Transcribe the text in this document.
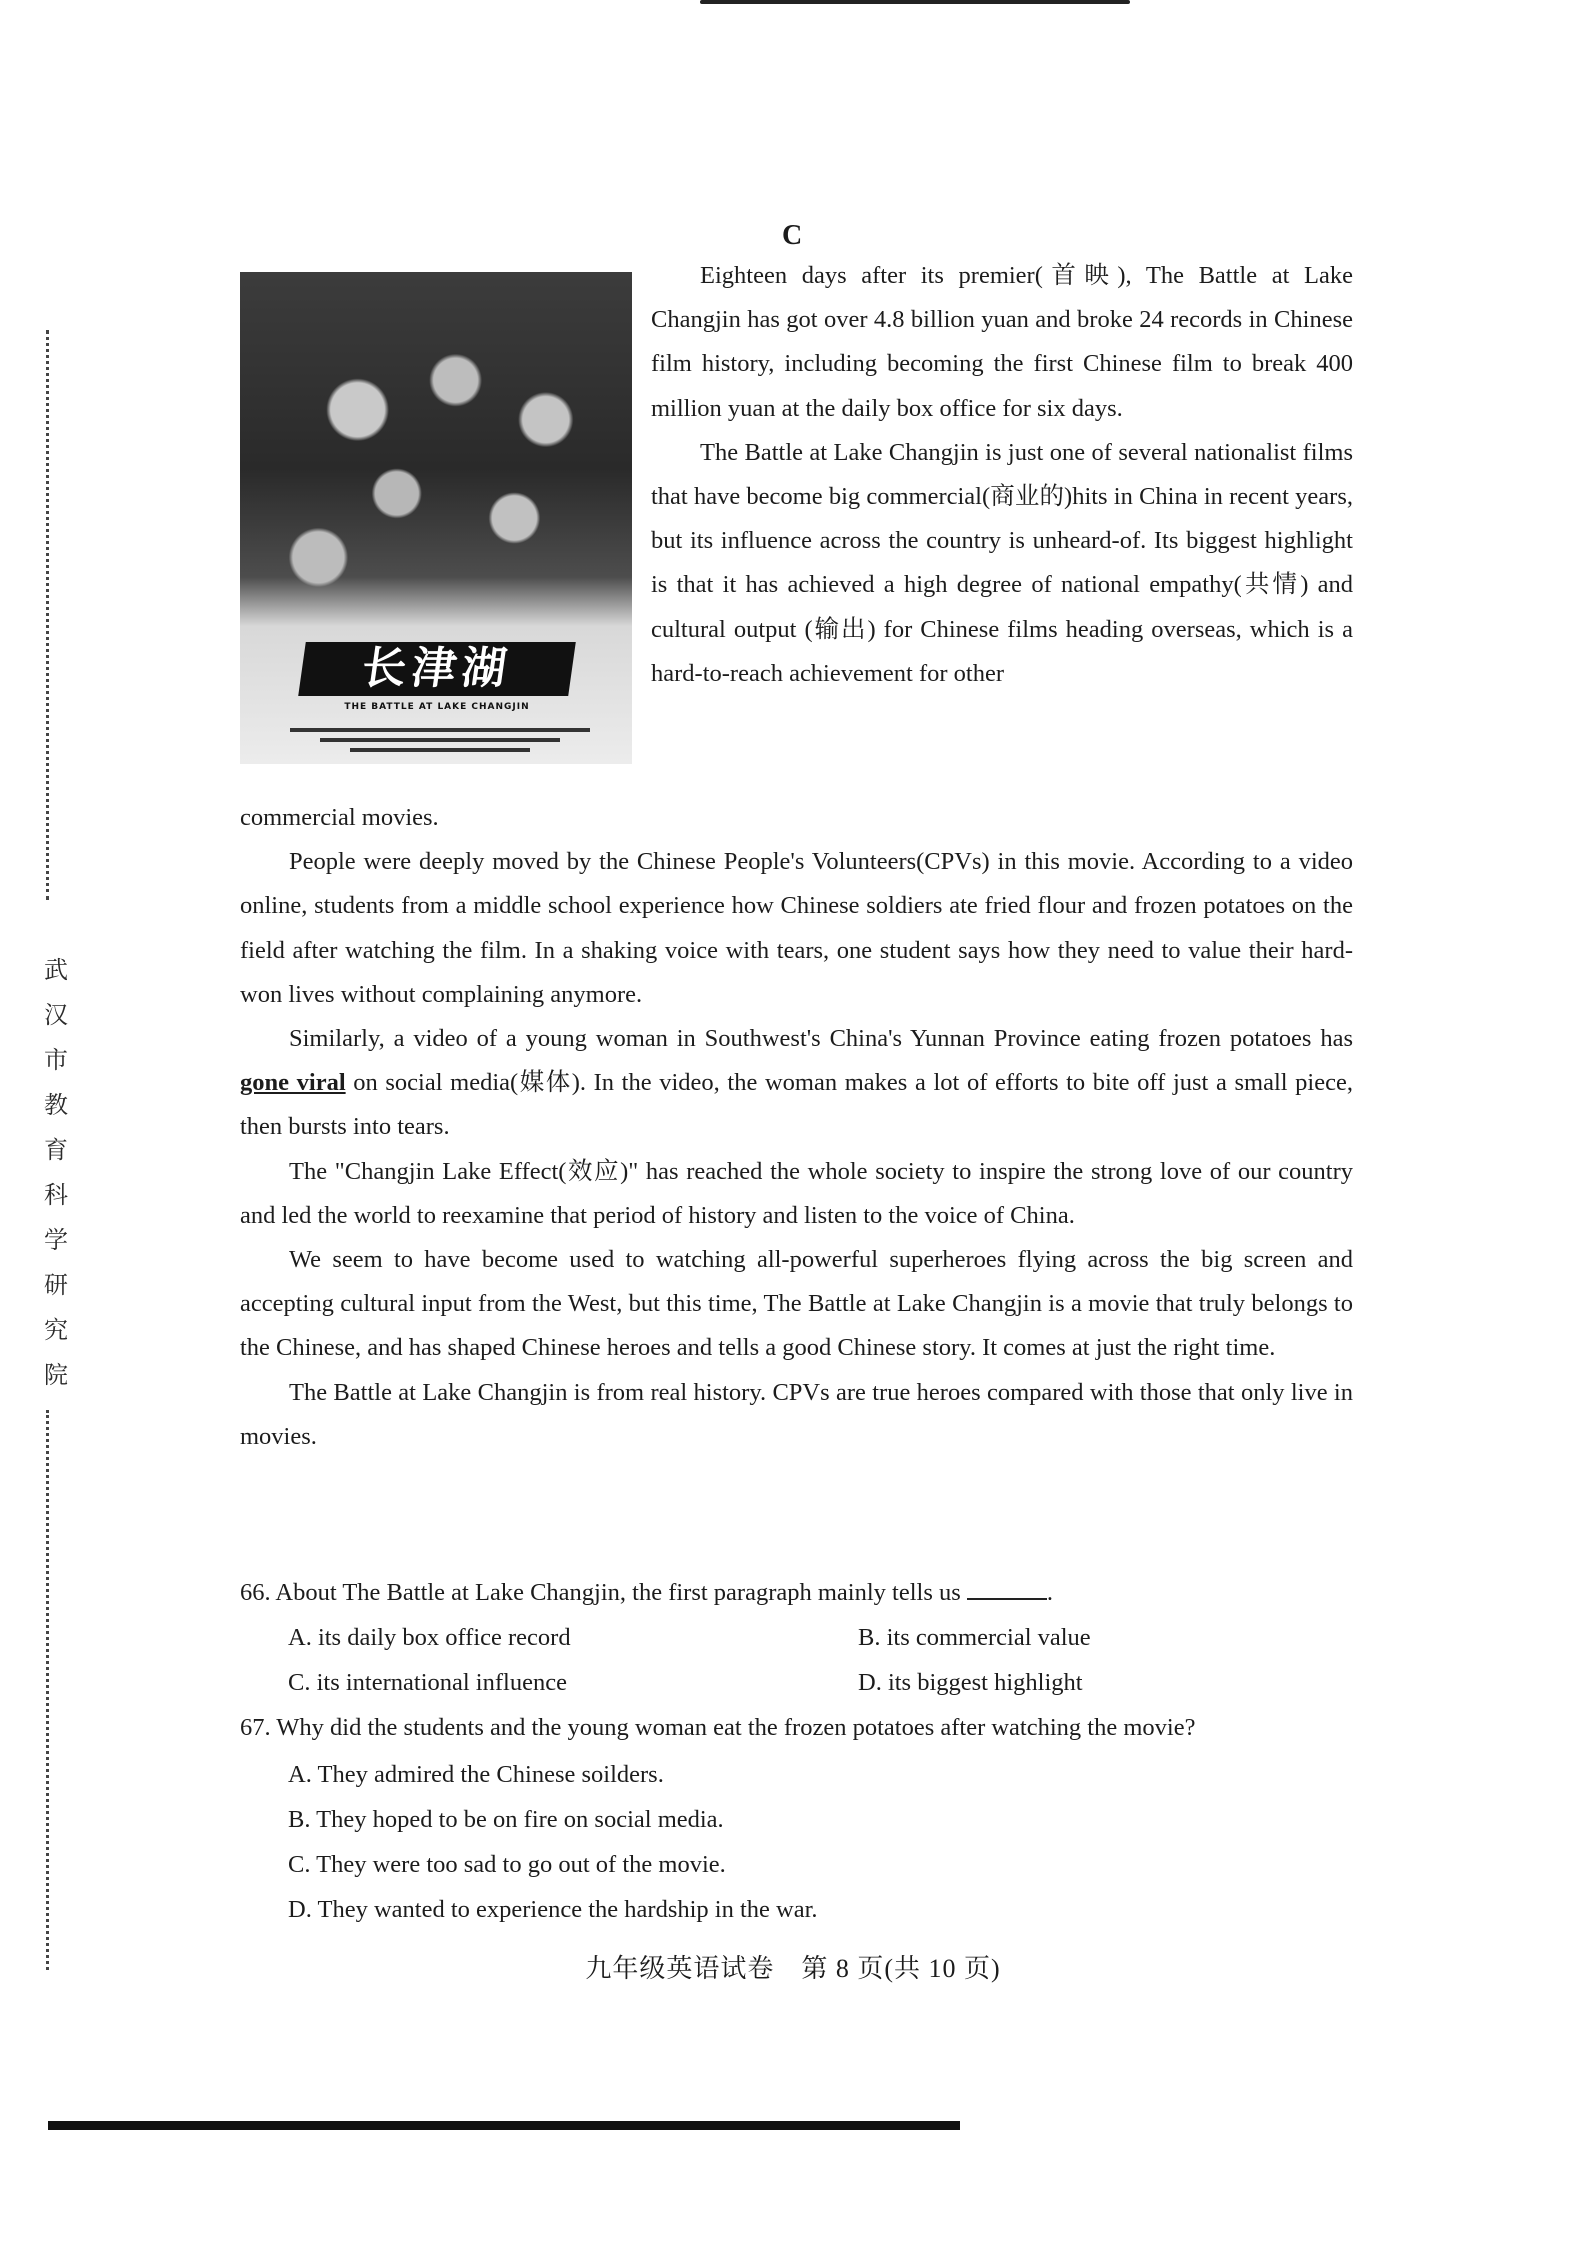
武
汉
市
教
育
科
学
研
究
院
C
长津湖
THE BATTLE AT LAKE CHANGJIN

Eighteen days after its premier(首映), The Battle at Lake Changjin has got over 4.8 billion yuan and broke 24 records in Chinese film history, including becoming the first Chinese film to break 400 million yuan at the daily box office for six days.

The Battle at Lake Changjin is just one of several nationalist films that have become big commercial(商业的)hits in China in recent years, but its influence across the country is unheard-of. Its biggest highlight is that it has achieved a high degree of national empathy(共情) and cultural output (输出) for Chinese films heading overseas, which is a hard-to-reach achievement for other

commercial movies.

People were deeply moved by the Chinese People's Volunteers(CPVs) in this movie. According to a video online, students from a middle school experience how Chinese soldiers ate fried flour and frozen potatoes on the field after watching the film. In a shaking voice with tears, one student says how they need to value their hard- won lives without complaining anymore.

Similarly, a video of a young woman in Southwest's China's Yunnan Province eating frozen potatoes has gone viral on social media(媒体). In the video, the woman makes a lot of efforts to bite off just a small piece, then bursts into tears.

The "Changjin Lake Effect(效应)" has reached the whole society to inspire the strong love of our country and led the world to reexamine that period of history and listen to the voice of China.

We seem to have become used to watching all-powerful superheroes flying across the big screen and accepting cultural input from the West, but this time, The Battle at Lake Changjin is a movie that truly belongs to the Chinese, and has shaped Chinese heroes and tells a good Chinese story. It comes at just the right time.

The Battle at Lake Changjin is from real history. CPVs are true heroes compared with those that only live in movies.

66. About The Battle at Lake Changjin, the first paragraph mainly tells us	.
A. its daily box office record	B. its commercial value
C. its international influence	D. its biggest highlight
67. Why did the students and the young woman eat the frozen potatoes after watching the movie?
A. They admired the Chinese soilders.
B. They hoped to be on fire on social media.
C. They were too sad to go out of the movie.
D. They wanted to experience the hardship in the war.
九年级英语试卷　第 8 页(共 10 页)
